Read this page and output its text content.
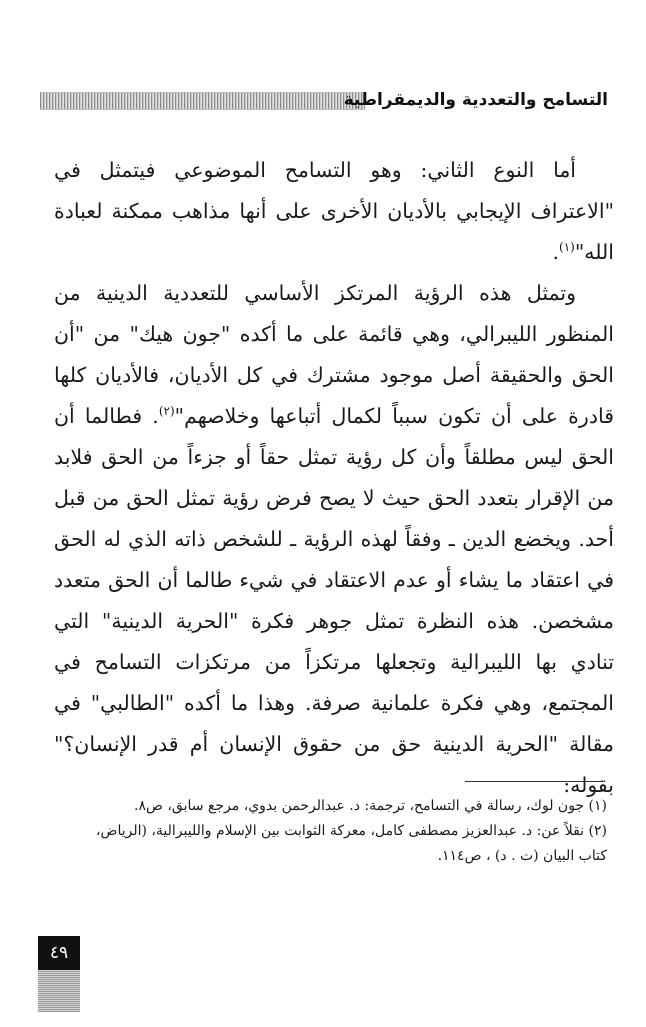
التسامح والتعددية والديمقراطية

أما النوع الثاني: وهو التسامح الموضوعي فيتمثل في "الاعتراف الإيجابي بالأديان الأخرى على أنها مذاهب ممكنة لعبادة الله"$^{(١)}$.

وتمثل هذه الرؤية المرتكز الأساسي للتعددية الدينية من المنظور الليبرالي، وهي قائمة على ما أكده "جون هيك" من "أن الحق والحقيقة أصل موجود مشترك في كل الأديان، فالأديان كلها قادرة على أن تكون سبباً لكمال أتباعها وخلاصهم"$^{(٢)}$. فطالما أن الحق ليس مطلقاً وأن كل رؤية تمثل حقاً أو جزءاً من الحق فلابد من الإقرار بتعدد الحق حيث لا يصح فرض رؤية تمثل الحق من قبل أحد. ويخضع الدين ـ وفقاً لهذه الرؤية ـ للشخص ذاته الذي له الحق في اعتقاد ما يشاء أو عدم الاعتقاد في شيء طالما أن الحق متعدد مشخصن. هذه النظرة تمثل جوهر فكرة "الحرية الدينية" التي تنادي بها الليبرالية وتجعلها مرتكزاً من مرتكزات التسامح في المجتمع، وهي فكرة علمانية صرفة. وهذا ما أكده "الطالبي" في مقالة "الحرية الدينية حق من حقوق الإنسان أم قدر الإنسان؟" بقوله:

(١) جون لوك، رسالة في التسامح، ترجمة: د. عبدالرحمن بدوي، مرجع سابق، ص٨.

(٢) نقلاً عن: د. عبدالعزيز مصطفى كامل، معركة الثوابت بين الإسلام والليبرالية، (الرياض، كتاب البيان (ت . د) ، ص١١٤.

٤٩
